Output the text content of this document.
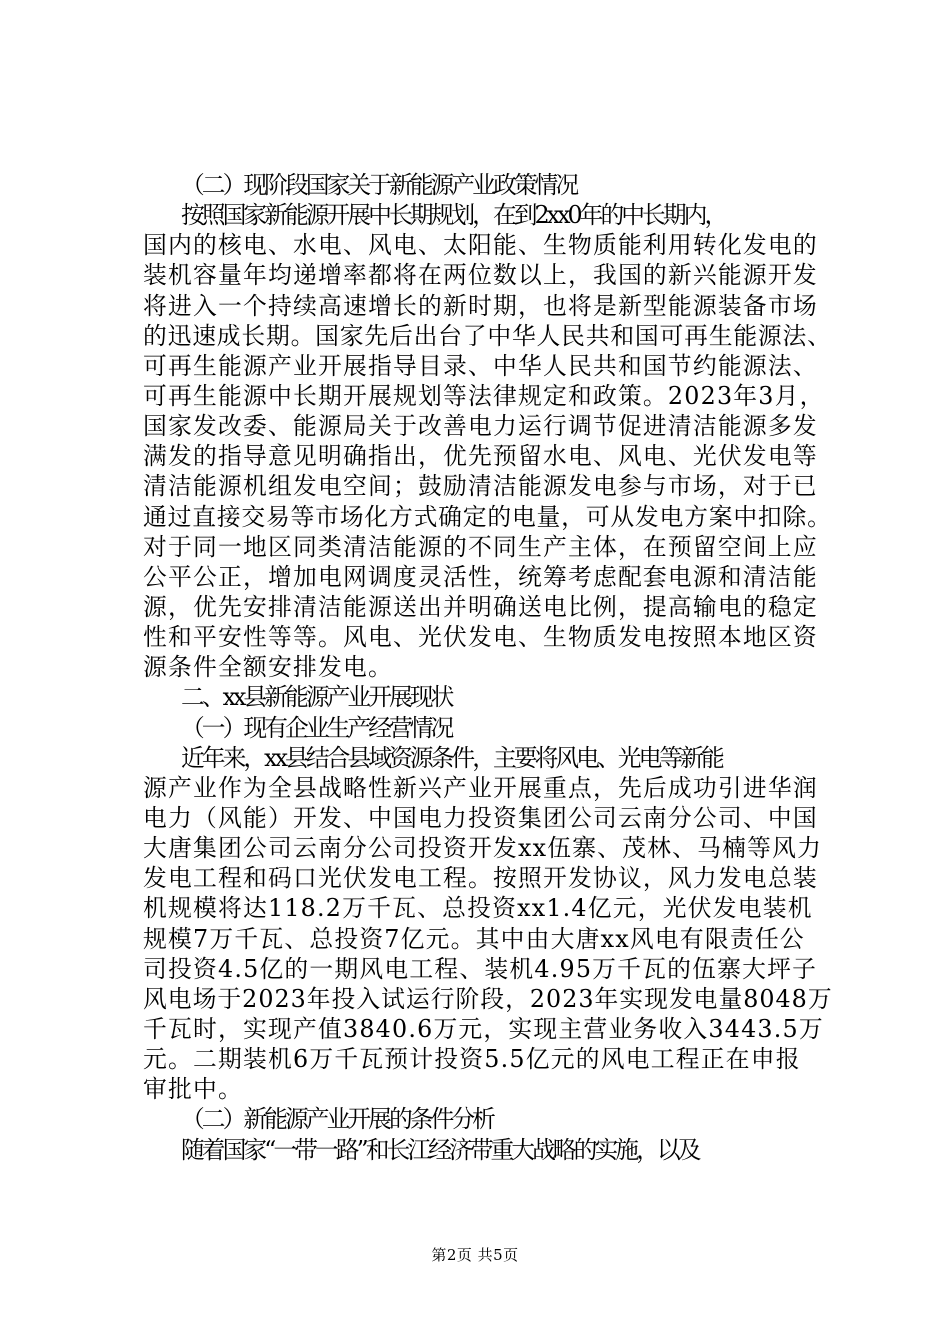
（二）现阶段国家关于新能源产业政策情况
按照国家新能源开展中长期规划，在到2xx0年的中长期内，
国内的核电、水电、风电、太阳能、生物质能利用转化发电的
装机容量年均递增率都将在两位数以上，我国的新兴能源开发
将进入一个持续高速增长的新时期，也将是新型能源装备市场
的迅速成长期。国家先后出台了中华人民共和国可再生能源法、
可再生能源产业开展指导目录、中华人民共和国节约能源法、
可再生能源中长期开展规划等法律规定和政策。2023年3月，
国家发改委、能源局关于改善电力运行调节促进清洁能源多发
满发的指导意见明确指出，优先预留水电、风电、光伏发电等
清洁能源机组发电空间；鼓励清洁能源发电参与市场，对于已
通过直接交易等市场化方式确定的电量，可从发电方案中扣除。
对于同一地区同类清洁能源的不同生产主体，在预留空间上应
公平公正，增加电网调度灵活性，统筹考虑配套电源和清洁能
源，优先安排清洁能源送出并明确送电比例，提高输电的稳定
性和平安性等等。风电、光伏发电、生物质发电按照本地区资
源条件全额安排发电。
二、xx县新能源产业开展现状
（一）现有企业生产经营情况
近年来，xx县结合县域资源条件，主要将风电、光电等新能
源产业作为全县战略性新兴产业开展重点，先后成功引进华润
电力（风能）开发、中国电力投资集团公司云南分公司、中国
大唐集团公司云南分公司投资开发xx伍寨、茂林、马楠等风力
发电工程和码口光伏发电工程。按照开发协议，风力发电总装
机规模将达118.2万千瓦、总投资xx1.4亿元，光伏发电装机
规模7万千瓦、总投资7亿元。其中由大唐xx风电有限责任公
司投资4.5亿的一期风电工程、装机4.95万千瓦的伍寨大坪子
风电场于2023年投入试运行阶段，2023年实现发电量8048万
千瓦时，实现产值3840.6万元，实现主营业务收入3443.5万
元。二期装机6万千瓦预计投资5.5亿元的风电工程正在申报
审批中。
（二）新能源产业开展的条件分析
随着国家“一带一路”和长江经济带重大战略的实施，以及
第2页 共5页
